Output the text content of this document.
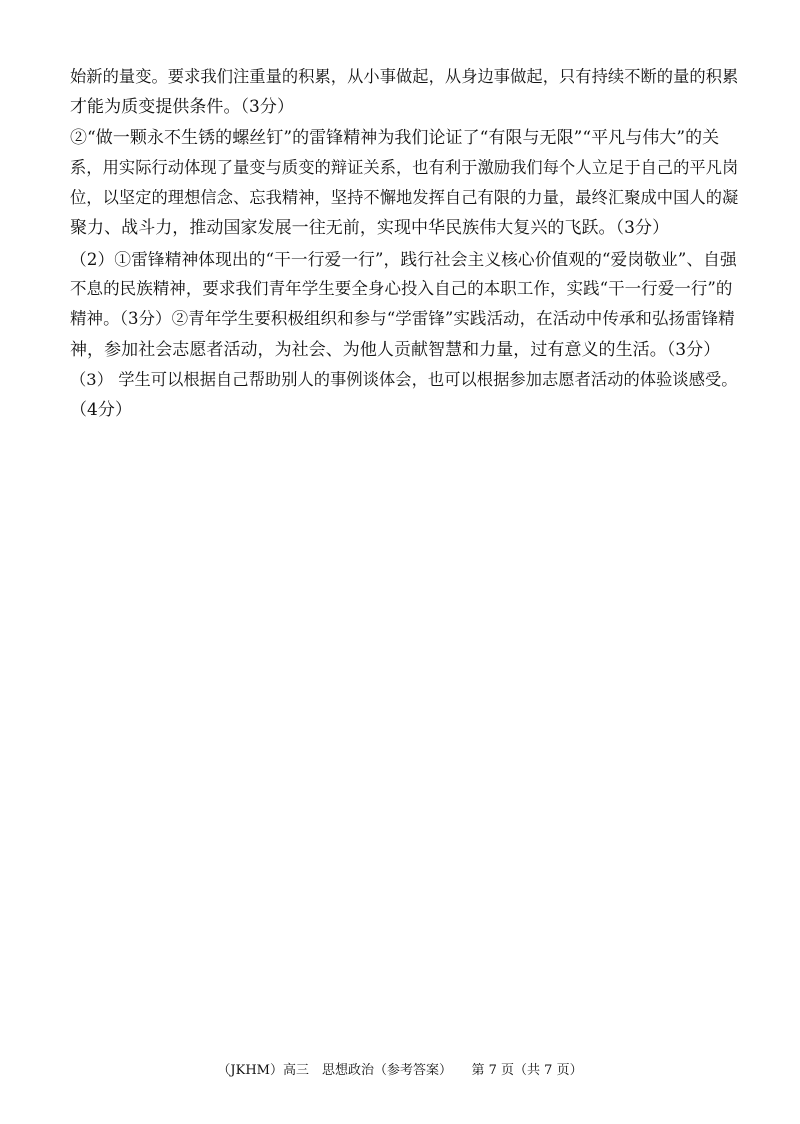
始新的量变。要求我们注重量的积累，从小事做起，从身边事做起，只有持续不断的量的积累
才能为质变提供条件。（3分）
②“做一颗永不生锈的螺丝钉”的雷锋精神为我们论证了“有限与无限”“平凡与伟大”的关
系，用实际行动体现了量变与质变的辩证关系，也有利于激励我们每个人立足于自己的平凡岗
位，以坚定的理想信念、忘我精神，坚持不懈地发挥自己有限的力量，最终汇聚成中国人的凝
聚力、战斗力，推动国家发展一往无前，实现中华民族伟大复兴的飞跃。（3分）
（2）①雷锋精神体现出的“干一行爱一行”，践行社会主义核心价值观的“爱岗敬业”、自强
不息的民族精神，要求我们青年学生要全身心投入自己的本职工作，实践“干一行爱一行”的
精神。（3分）②青年学生要积极组织和参与“学雷锋”实践活动，在活动中传承和弘扬雷锋精
神，参加社会志愿者活动，为社会、为他人贡献智慧和力量，过有意义的生活。（3分）
（3） 学生可以根据自己帮助别人的事例谈体会，也可以根据参加志愿者活动的体验谈感受。
（4分）
（JKHM）高三　思想政治（参考答案）　　第 7 页（共 7 页）
